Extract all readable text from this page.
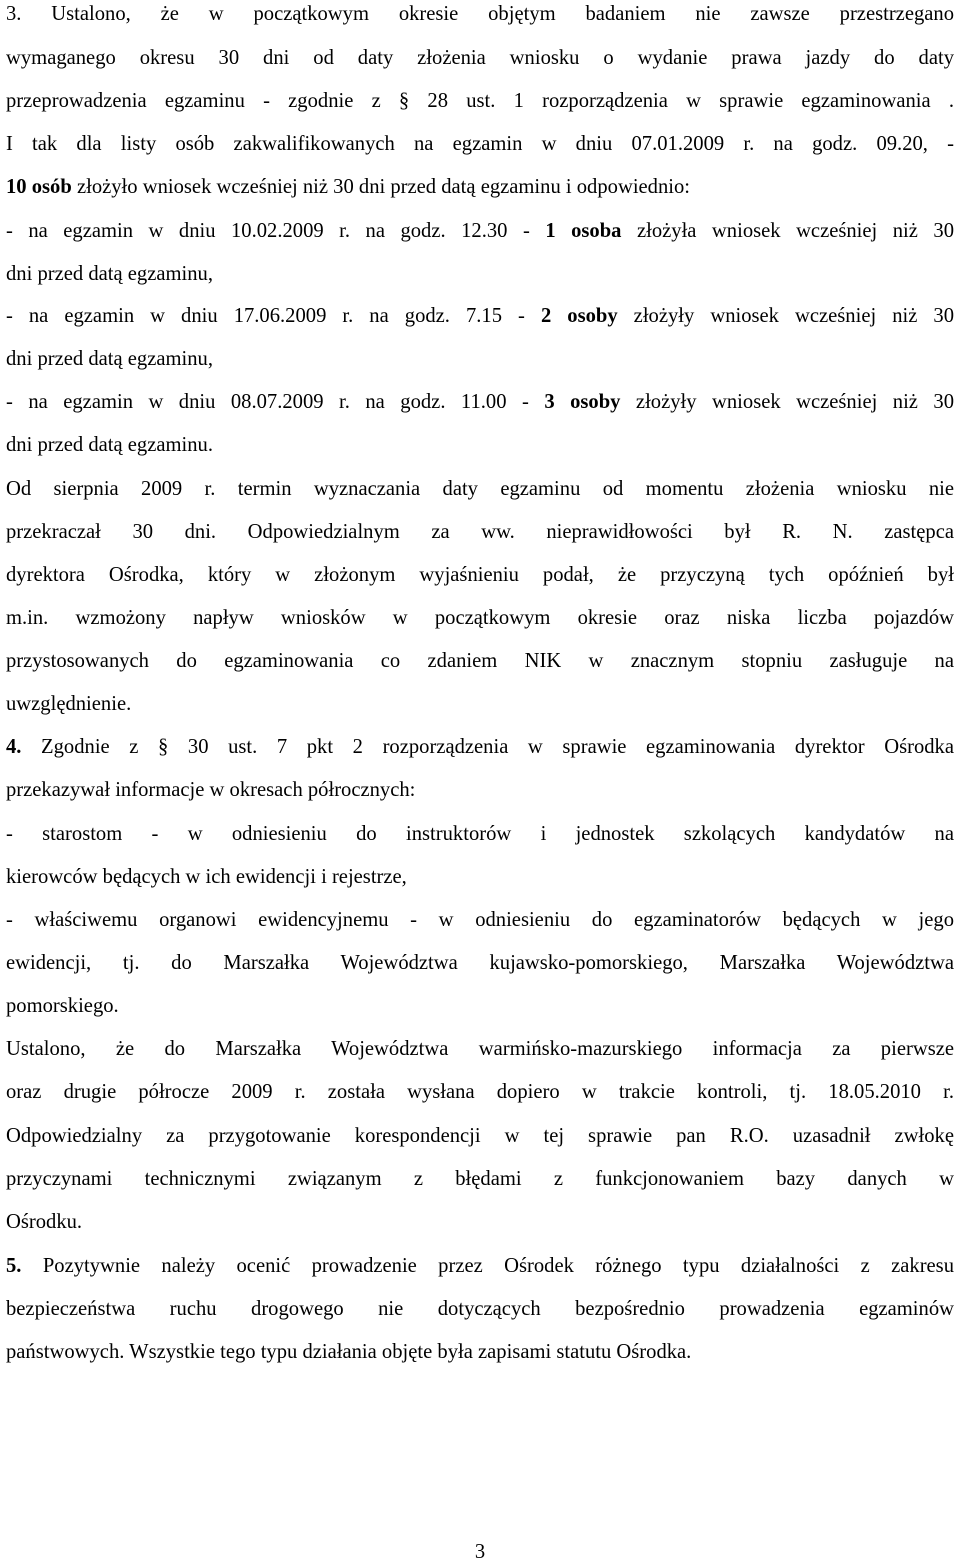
3. Ustalono, że w początkowym okresie objętym badaniem nie zawsze przestrzegano
wymaganego okresu 30 dni od daty złożenia wniosku o wydanie prawa jazdy do daty
przeprowadzenia egzaminu - zgodnie z § 28 ust. 1 rozporządzenia w sprawie egzaminowania .
I tak dla listy osób zakwalifikowanych na egzamin w dniu 07.01.2009 r. na godz. 09.20, -
10 osób złożyło wniosek wcześniej niż 30 dni przed datą egzaminu i odpowiednio:
- na egzamin w dniu 10.02.2009 r. na godz. 12.30 - 1 osoba złożyła wniosek wcześniej niż 30
dni przed datą egzaminu,
- na egzamin w dniu 17.06.2009 r. na godz. 7.15 - 2 osoby złożyły wniosek wcześniej niż 30
dni przed datą egzaminu,
- na egzamin w dniu 08.07.2009 r. na godz. 11.00 - 3 osoby złożyły wniosek wcześniej niż 30
dni przed datą egzaminu.
Od sierpnia 2009 r. termin wyznaczania daty egzaminu od momentu złożenia wniosku nie
przekraczał 30 dni. Odpowiedzialnym za ww. nieprawidłowości był R. N. zastępca
dyrektora Ośrodka, który w złożonym wyjaśnieniu podał, że przyczyną tych opóźnień był
m.in. wzmożony napływ wniosków w początkowym okresie oraz niska liczba pojazdów
przystosowanych do egzaminowania co zdaniem NIK w znacznym stopniu zasługuje na
uwzględnienie.
4. Zgodnie z § 30 ust. 7 pkt 2 rozporządzenia w sprawie egzaminowania dyrektor Ośrodka
przekazywał informacje w okresach półrocznych:
- starostom - w odniesieniu do instruktorów i jednostek szkolących kandydatów na
kierowców będących w ich ewidencji i rejestrze,
- właściwemu organowi ewidencyjnemu - w odniesieniu do egzaminatorów będących w jego
ewidencji, tj. do Marszałka Województwa kujawsko-pomorskiego, Marszałka Województwa
pomorskiego.
Ustalono, że do Marszałka Województwa warmińsko-mazurskiego informacja za pierwsze
oraz drugie półrocze 2009 r. została wysłana dopiero w trakcie kontroli, tj. 18.05.2010 r.
Odpowiedzialny za przygotowanie korespondencji w tej sprawie pan R.O. uzasadnił zwłokę
przyczynami technicznymi związanym z błędami z funkcjonowaniem bazy danych w
Ośrodku.
5. Pozytywnie należy ocenić prowadzenie przez Ośrodek różnego typu działalności z zakresu
bezpieczeństwa ruchu drogowego nie dotyczących bezpośrednio prowadzenia egzaminów
państwowych. Wszystkie tego typu działania objęte była zapisami statutu Ośrodka.
3
